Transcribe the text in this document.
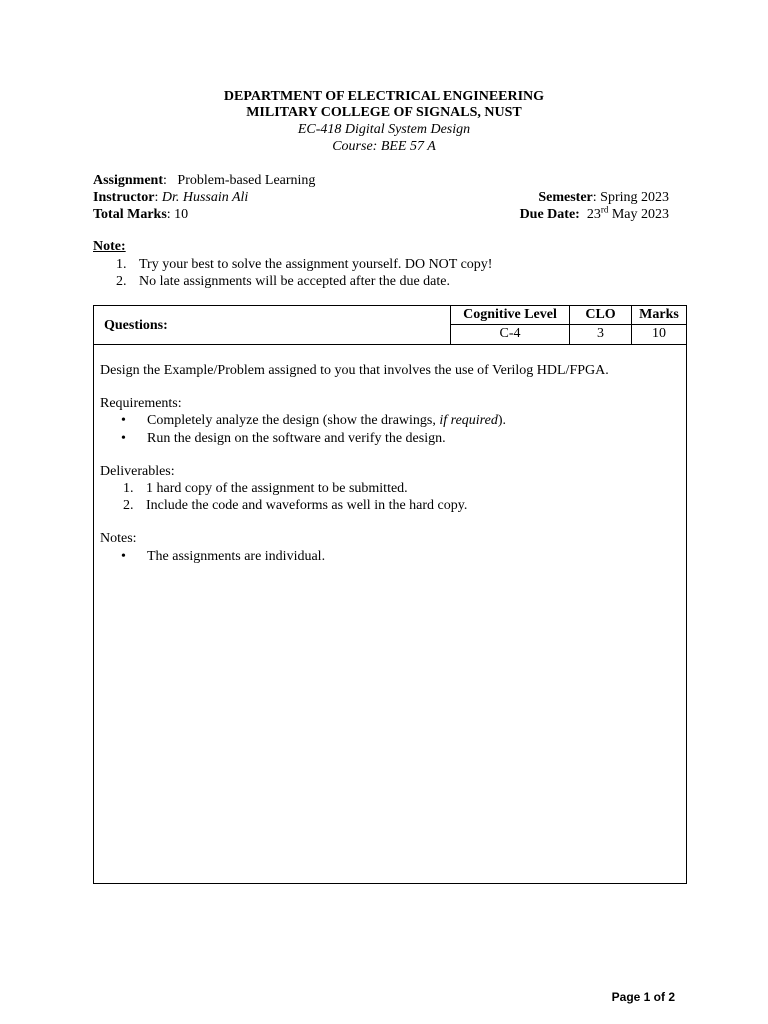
DEPARTMENT OF ELECTRICAL ENGINEERING
MILITARY COLLEGE OF SIGNALS, NUST
EC-418 Digital System Design
Course: BEE 57 A
Assignment:   Problem-based Learning
Instructor: Dr. Hussain Ali	Semester: Spring 2023
Total Marks: 10	Due Date: 23rd May 2023
Note:
1. Try your best to solve the assignment yourself. DO NOT copy!
2. No late assignments will be accepted after the due date.
Questions:
Cognitive Level
C-4
CLO
3
Marks
10
Design the Example/Problem assigned to you that involves the use of Verilog HDL/FPGA.
Requirements:
• Completely analyze the design (show the drawings, if required).
• Run the design on the software and verify the design.
Deliverables:
1. 1 hard copy of the assignment to be submitted.
2. Include the code and waveforms as well in the hard copy.
Notes:
• The assignments are individual.
Page 1 of 2
